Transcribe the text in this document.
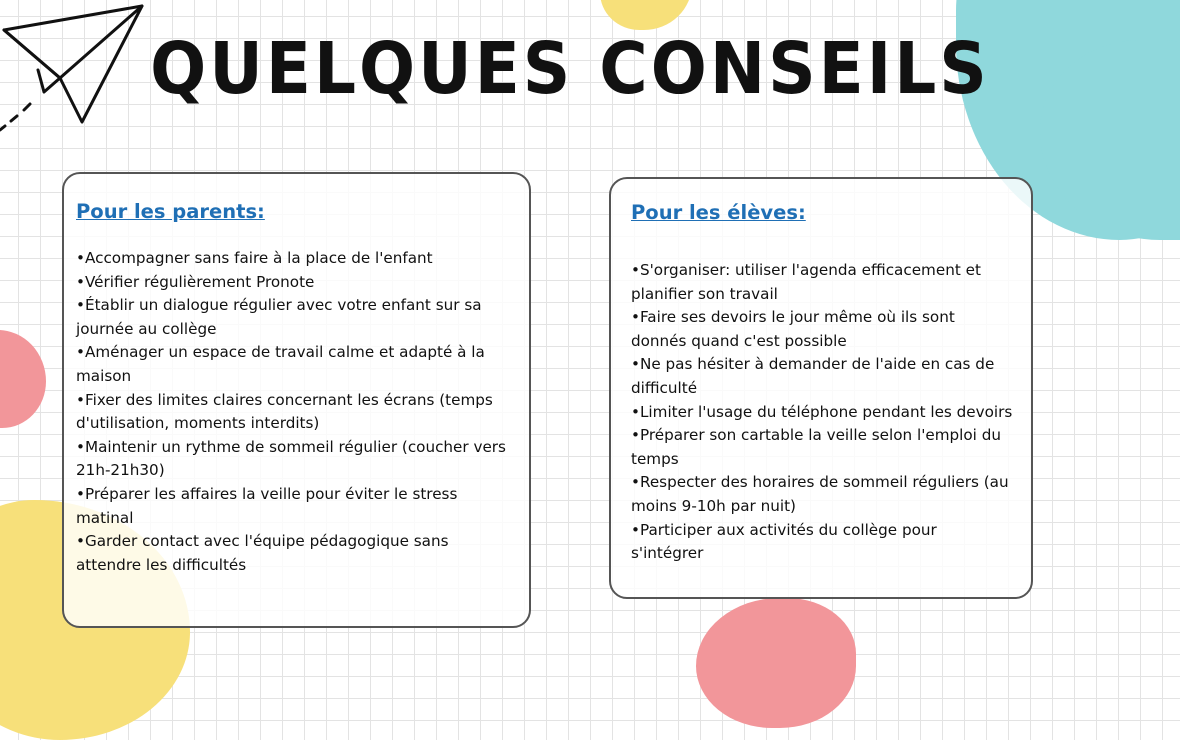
QUELQUES CONSEILS
Pour les parents:
• Accompagner sans faire à la place de l'enfant
• Vérifier régulièrement Pronote
• Établir un dialogue régulier avec votre enfant sur sa journée au collège
• Aménager un espace de travail calme et adapté à la maison
• Fixer des limites claires concernant les écrans (temps d'utilisation, moments interdits)
• Maintenir un rythme de sommeil régulier (coucher vers 21h-21h30)
• Préparer les affaires la veille pour éviter le stress matinal
• Garder contact avec l'équipe pédagogique sans attendre les difficultés
Pour les élèves:
• S'organiser: utiliser l'agenda efficacement et planifier son travail
• Faire ses devoirs le jour même où ils sont donnés quand c'est possible
• Ne pas hésiter à demander de l'aide en cas de difficulté
• Limiter l'usage du téléphone pendant les devoirs
• Préparer son cartable la veille selon l'emploi du temps
• Respecter des horaires de sommeil réguliers (au moins 9-10h par nuit)
• Participer aux activités du collège pour s'intégrer
